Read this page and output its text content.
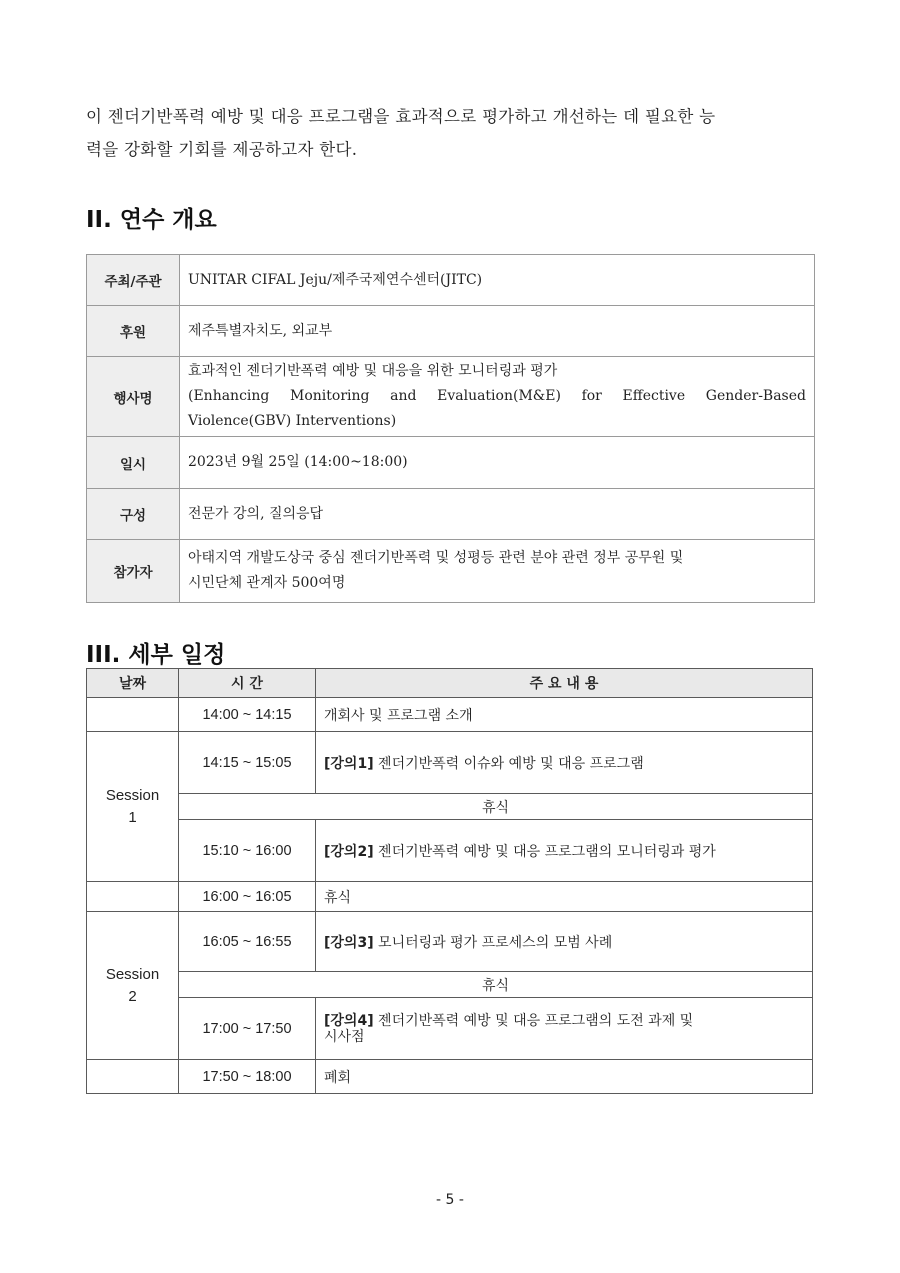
이 젠더기반폭력 예방 및 대응 프로그램을 효과적으로 평가하고 개선하는 데 필요한 능

력을 강화할 기회를 제공하고자 한다.

II. 연수 개요
주최/주관	UNITAR CIFAL Jeju/제주국제연수센터(JITC)
후원	제주특별자치도, 외교부
행사명	효과적인 젠더기반폭력 예방 및 대응을 위한 모니터링과 평가
(Enhancing Monitoring and Evaluation(M&E) for Effective Gender-Based
Violence(GBV) Interventions)

일시	2023년 9월 25일 (14:00~18:00)
구성	전문가 강의, 질의응답
참가자	아태지역 개발도상국 중심 젠더기반폭력 및 성평등 관련 분야 관련 정부 공무원 및
시민단체 관계자 500여명
III. 세부 일정
날짜	시 간	주 요 내 용
	14:00 ~ 14:15	개회사 및 프로그램 소개

Session
1	14:15 ~ 15:05	[강의1] 젠더기반폭력 이슈와 예방 및 대응 프로그램
	휴식	
	15:10 ~ 16:00	[강의2] 젠더기반폭력 예방 및 대응 프로그램의 모니터링과 평가
	16:00 ~ 16:05	휴식

Session
2	16:05 ~ 16:55	[강의3] 모니터링과 평가 프로세스의 모범 사례
	휴식	
	17:00 ~ 17:50	[강의4] 젠더기반폭력 예방 및 대응 프로그램의 도전 과제 및
시사점
	17:50 ~ 18:00	폐회
- 5 -
